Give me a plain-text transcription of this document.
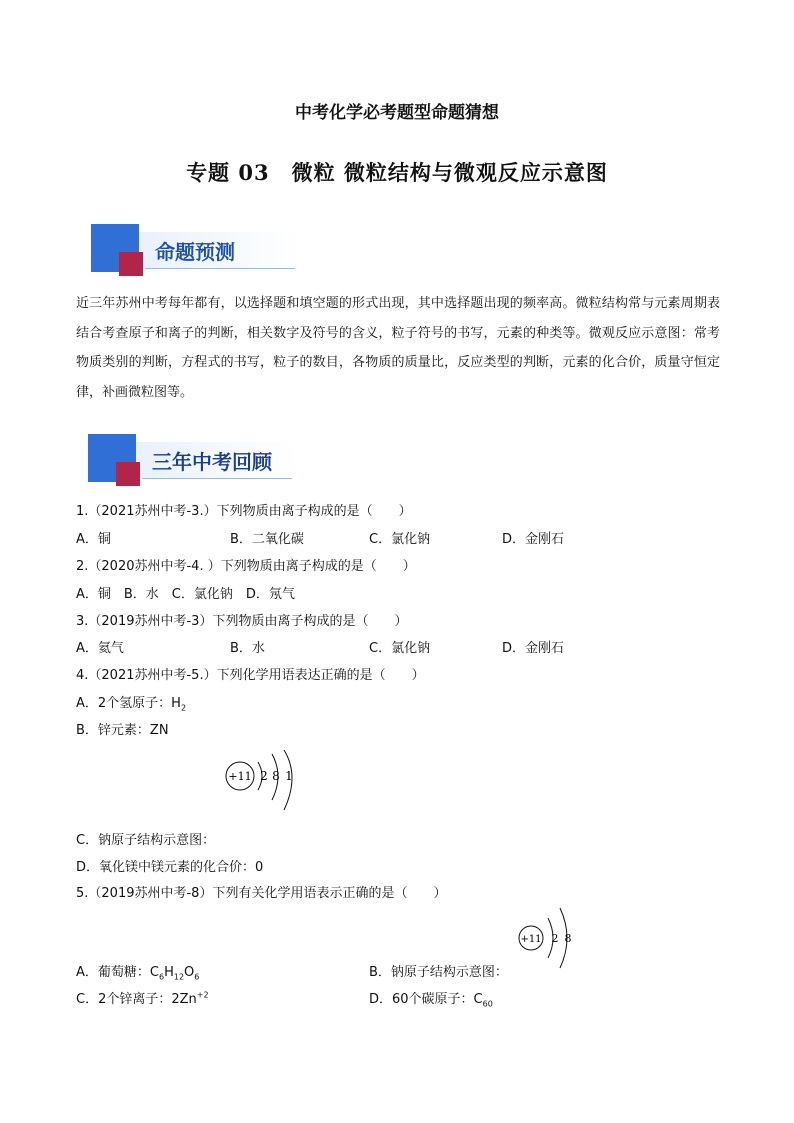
中考化学必考题型命题猜想
专题 03　微粒 微粒结构与微观反应示意图
命题预测
近三年苏州中考每年都有，以选择题和填空题的形式出现，其中选择题出现的频率高。微粒结构常与元素周期表结合考查原子和离子的判断，相关数字及符号的含义，粒子符号的书写，元素的种类等。微观反应示意图：常考物质类别的判断，方程式的书写，粒子的数目，各物质的质量比，反应类型的判断，元素的化合价，质量守恒定律，补画微粒图等。
三年中考回顾
1.（2021苏州中考-3.）下列物质由离子构成的是（　　）
A．铜	B．二氧化碳	C．氯化钠	D．金刚石
2.（2020苏州中考-4. ）下列物质由离子构成的是（　　）
A．铜　B．水　C．氯化钠　D．氖气
3.（2019苏州中考-3）下列物质由离子构成的是（　　）
A．氦气	B．水	C．氯化钠	D．金刚石
4.（2021苏州中考-5.）下列化学用语表达正确的是（　　）
A．2个氢原子：$H_2$
B．锌元素：ZN
+11 2 8 1
C．钠原子结构示意图：
D．氧化镁中镁元素的化合价：0
5.（2019苏州中考-8）下列有关化学用语表示正确的是（　　）
+11 2 8
A．葡萄糖：$C_6H_{12}O_6$	B．钠原子结构示意图：
C．2个锌离子：$2Zn^{+2}$	D．60个碳原子：$C_{60}$
